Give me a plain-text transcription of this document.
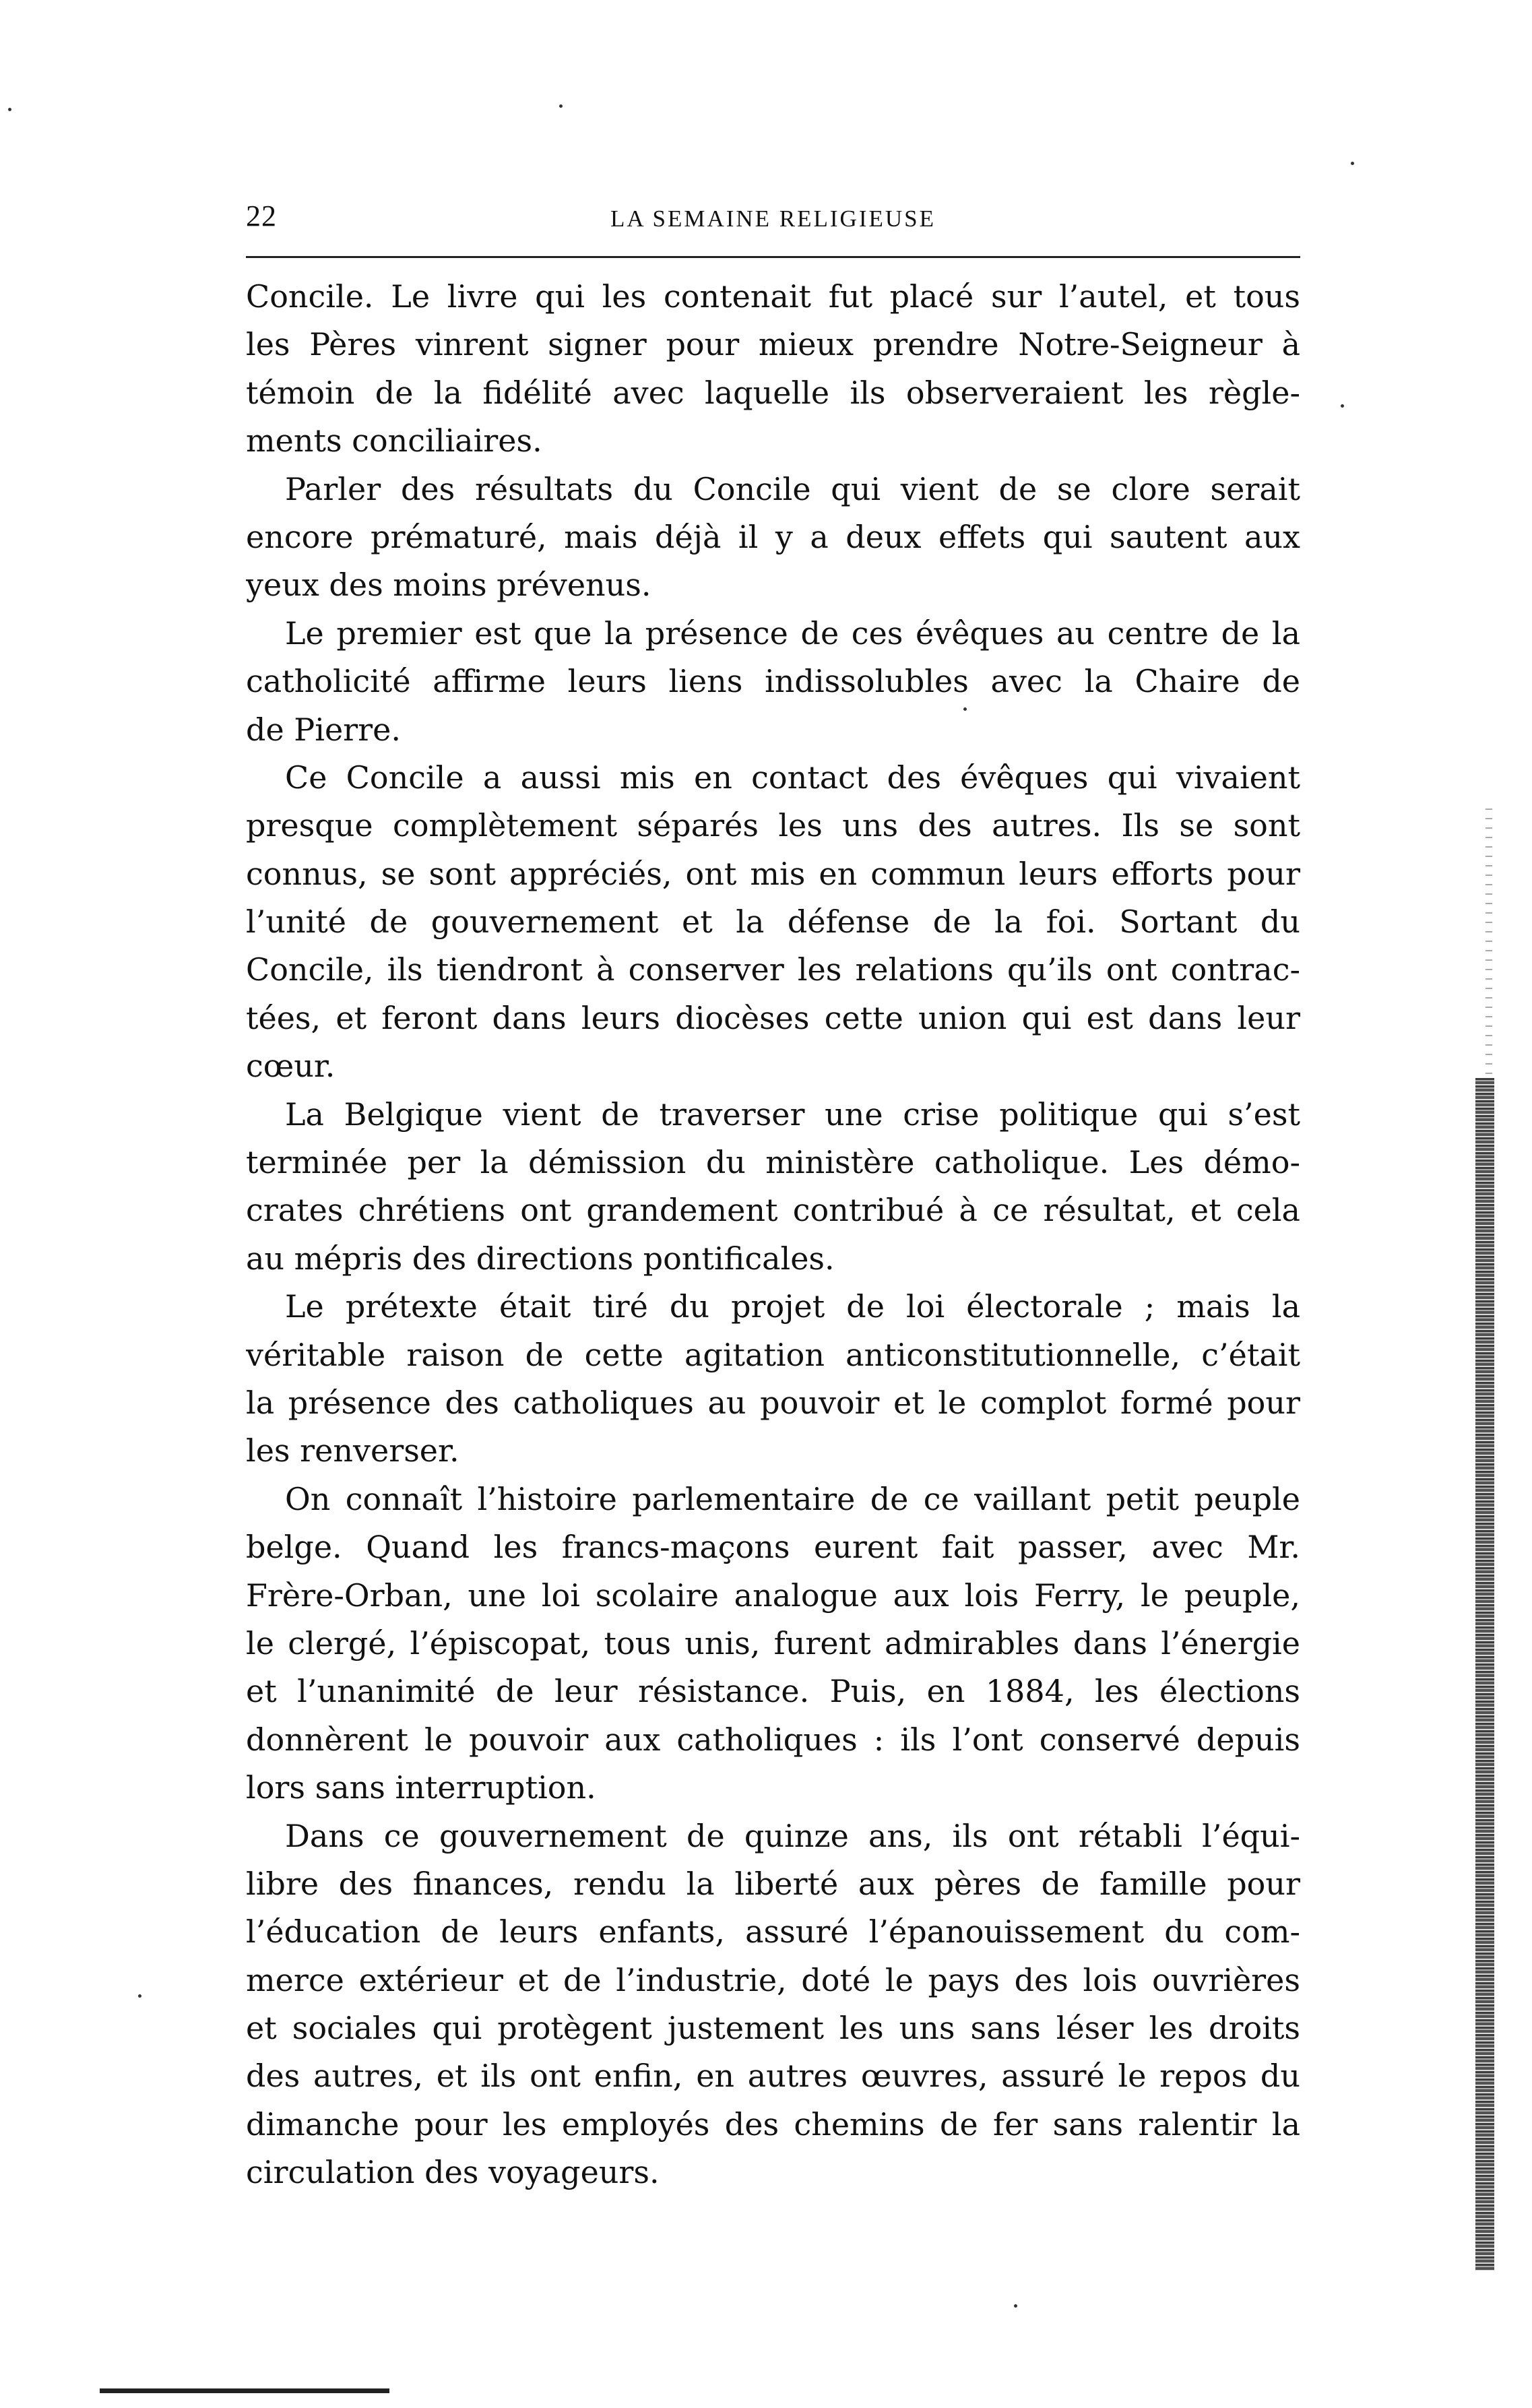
22	LA SEMAINE RELIGIEUSE
Concile. Le livre qui les contenait fut placé sur l’autel, et tous
les Pères vinrent signer pour mieux prendre Notre-Seigneur à
témoin de la fidélité avec laquelle ils observeraient les règle-
ments conciliaires.
Parler des résultats du Concile qui vient de se clore serait
encore prématuré, mais déjà il y a deux effets qui sautent aux
yeux des moins prévenus.
Le premier est que la présence de ces évêques au centre de la
catholicité affirme leurs liens indissolubles avec la Chaire de
de Pierre.
Ce Concile a aussi mis en contact des évêques qui vivaient
presque complètement séparés les uns des autres. Ils se sont
connus, se sont appréciés, ont mis en commun leurs efforts pour
l’unité de gouvernement et la défense de la foi. Sortant du
Concile, ils tiendront à conserver les relations qu’ils ont contrac-
tées, et feront dans leurs diocèses cette union qui est dans leur
cœur.
La Belgique vient de traverser une crise politique qui s’est
terminée per la démission du ministère catholique. Les démo-
crates chrétiens ont grandement contribué à ce résultat, et cela
au mépris des directions pontificales.
Le prétexte était tiré du projet de loi électorale ; mais la
véritable raison de cette agitation anticonstitutionnelle, c’était
la présence des catholiques au pouvoir et le complot formé pour
les renverser.
On connaît l’histoire parlementaire de ce vaillant petit peuple
belge. Quand les francs-maçons eurent fait passer, avec Mr.
Frère-Orban, une loi scolaire analogue aux lois Ferry, le peuple,
le clergé, l’épiscopat, tous unis, furent admirables dans l’énergie
et l’unanimité de leur résistance. Puis, en 1884, les élections
donnèrent le pouvoir aux catholiques : ils l’ont conservé depuis
lors sans interruption.
Dans ce gouvernement de quinze ans, ils ont rétabli l’équi-
libre des finances, rendu la liberté aux pères de famille pour
l’éducation de leurs enfants, assuré l’épanouissement du com-
merce extérieur et de l’industrie, doté le pays des lois ouvrières
et sociales qui protègent justement les uns sans léser les droits
des autres, et ils ont enfin, en autres œuvres, assuré le repos du
dimanche pour les employés des chemins de fer sans ralentir la
circulation des voyageurs.
